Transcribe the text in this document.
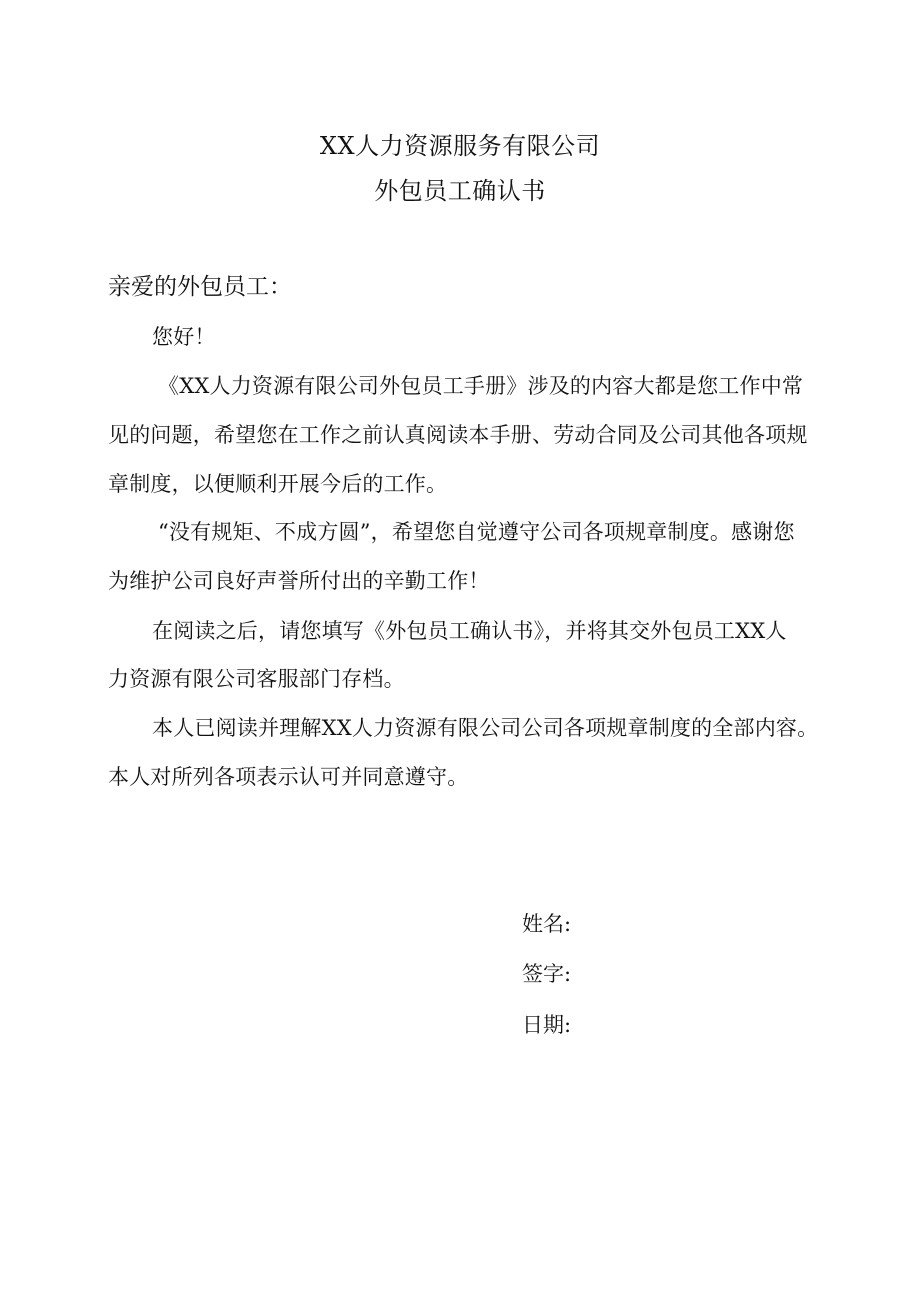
XX人力资源服务有限公司
外包员工确认书
亲爱的外包员工：
您好！
《XX人力资源有限公司外包员工手册》涉及的内容大都是您工作中常
见的问题，希望您在工作之前认真阅读本手册、劳动合同及公司其他各项规
章制度，以便顺利开展今后的工作。
“没有规矩、不成方圆”，希望您自觉遵守公司各项规章制度。感谢您
为维护公司良好声誉所付出的辛勤工作！
在阅读之后，请您填写《外包员工确认书》，并将其交外包员工XX人
力资源有限公司客服部门存档。
本人已阅读并理解XX人力资源有限公司公司各项规章制度的全部内容。
本人对所列各项表示认可并同意遵守。
姓名:
签字:
日期:
